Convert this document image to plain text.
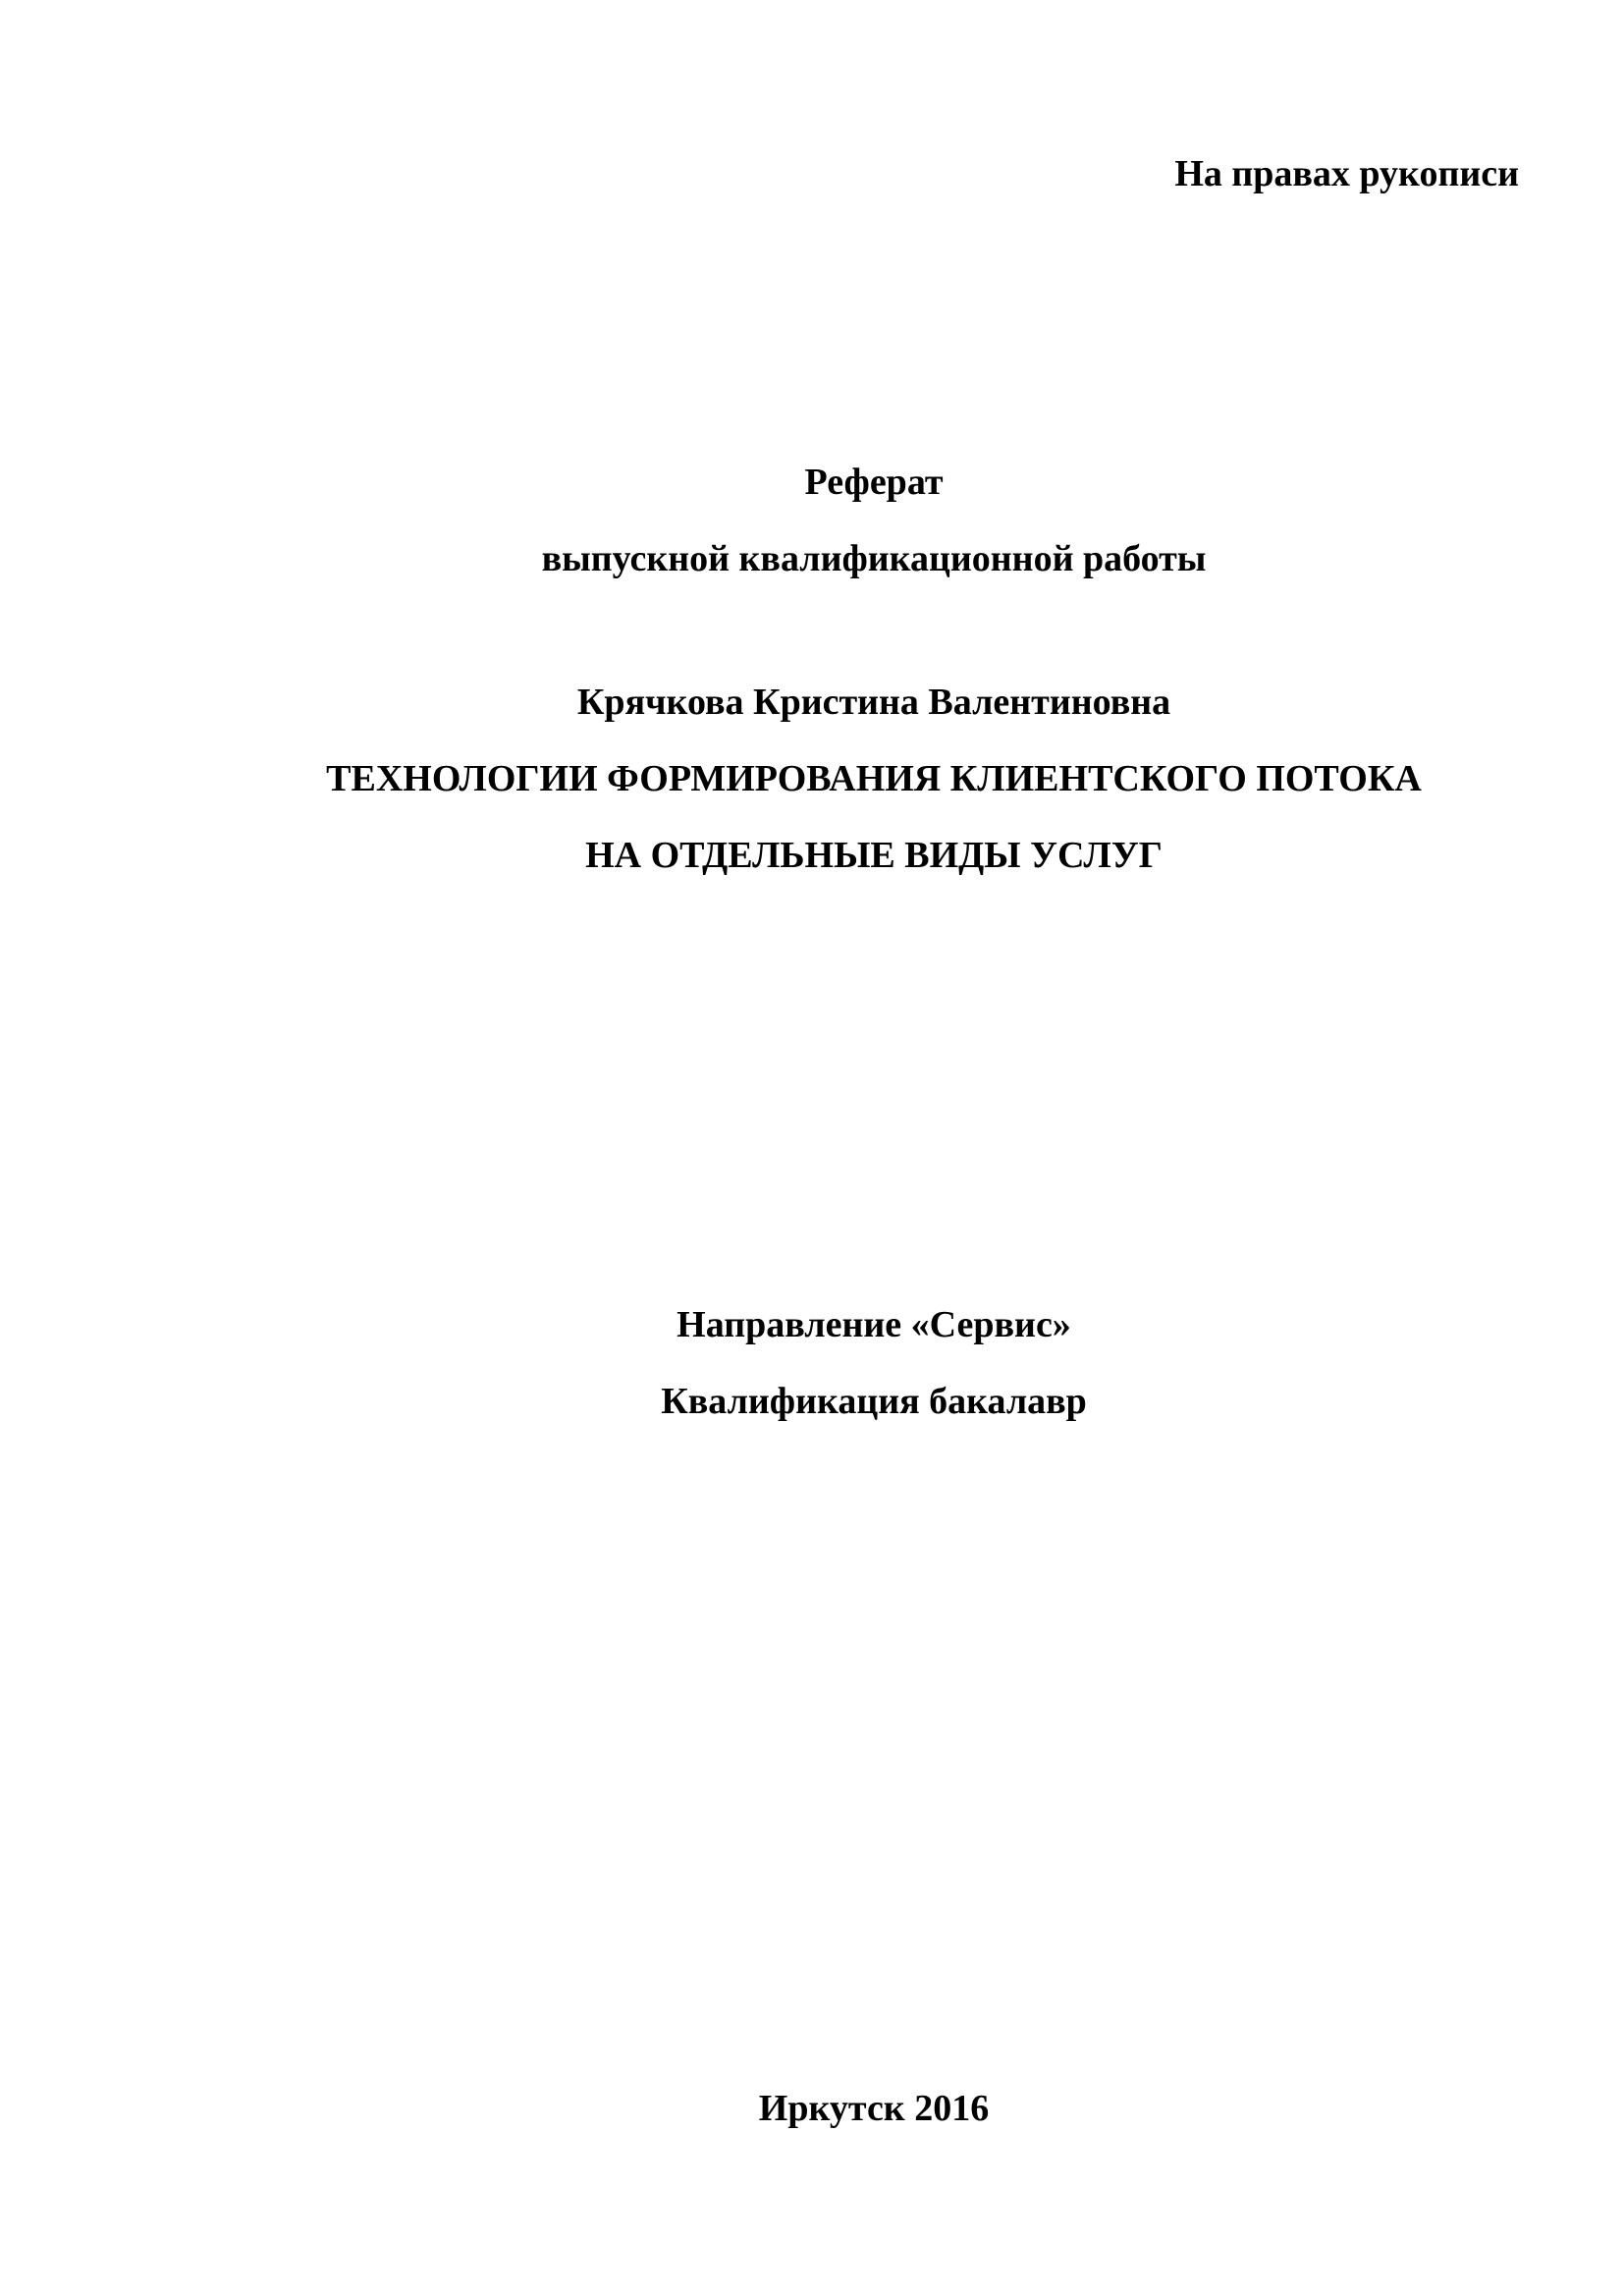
На правах рукописи
Реферат
выпускной квалификационной работы
Крячкова Кристина Валентиновна
ТЕХНОЛОГИИ ФОРМИРОВАНИЯ КЛИЕНТСКОГО ПОТОКА
НА ОТДЕЛЬНЫЕ ВИДЫ УСЛУГ
Направление «Сервис»
Квалификация бакалавр
Иркутск 2016
